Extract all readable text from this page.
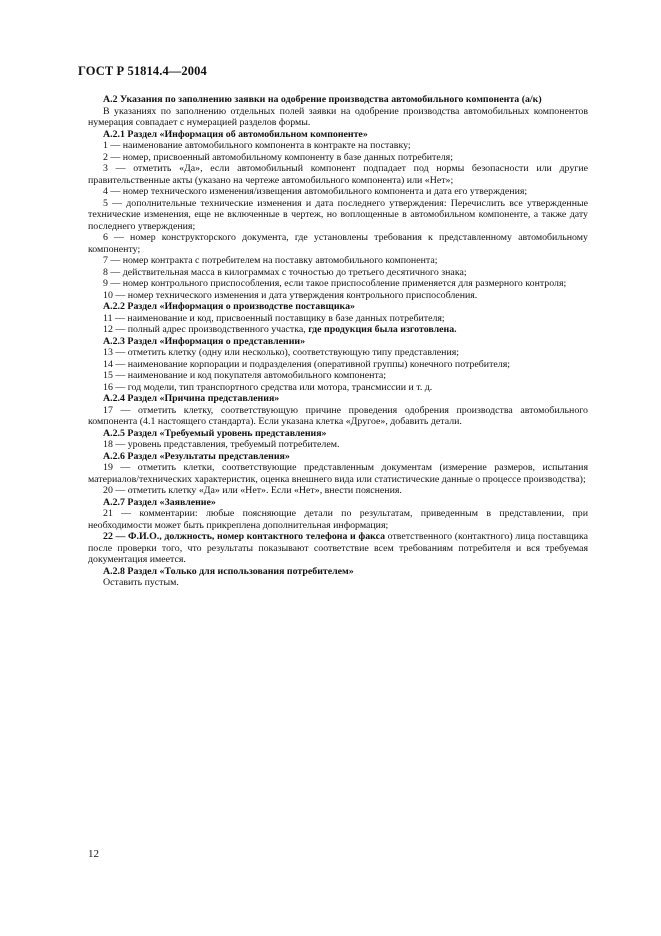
ГОСТ Р 51814.4—2004

А.2 Указания по заполнению заявки на одобрение производства автомобильного компонента (а/к)

В указаниях по заполнению отдельных полей заявки на одобрение производства автомобильных компонентов нумерация совпадает с нумерацией разделов формы.

А.2.1 Раздел «Информация об автомобильном компоненте»

1 — наименование автомобильного компонента в контракте на поставку;

2 — номер, присвоенный автомобильному компоненту в базе данных потребителя;

3 — отметить «Да», если автомобильный компонент подпадает под нормы безопасности или другие правительственные акты (указано на чертеже автомобильного компонента) или «Нет»;

4 — номер технического изменения/извещения автомобильного компонента и дата его утверждения;

5 — дополнительные технические изменения и дата последнего утверждения: Перечислить все утвержденные технические изменения, еще не включенные в чертеж, но воплощенные в автомобильном компоненте, а также дату последнего утверждения;

6 — номер конструкторского документа, где установлены требования к представленному автомобильному компоненту;

7 — номер контракта с потребителем на поставку автомобильного компонента;

8 — действительная масса в килограммах с точностью до третьего десятичного знака;

9 — номер контрольного приспособления, если такое приспособление применяется для размерного контроля;

10 — номер технического изменения и дата утверждения контрольного приспособления.

А.2.2 Раздел «Информация о производстве поставщика»

11 — наименование и код, присвоенный поставщику в базе данных потребителя;

12 — полный адрес производственного участка, где продукция была изготовлена.

А.2.3 Раздел «Информация о представлении»

13 — отметить клетку (одну или несколько), соответствующую типу представления;

14 — наименование корпорации и подразделения (оперативной группы) конечного потребителя;

15 — наименование и код покупателя автомобильного компонента;

16 — год модели, тип транспортного средства или мотора, трансмиссии и т. д.

А.2.4 Раздел «Причина представления»

17 — отметить клетку, соответствующую причине проведения одобрения производства автомобильного компонента (4.1 настоящего стандарта). Если указана клетка «Другое», добавить детали.

А.2.5 Раздел «Требуемый уровень представления»

18 — уровень представления, требуемый потребителем.

А.2.6 Раздел «Результаты представления»

19 — отметить клетки, соответствующие представленным документам (измерение размеров, испытания материалов/технических характеристик, оценка внешнего вида или статистические данные о процессе производства);

20 — отметить клетку «Да» или «Нет». Если «Нет», внести пояснения.

А.2.7 Раздел «Заявление»

21 — комментарии: любые поясняющие детали по результатам, приведенным в представлении, при необходимости может быть прикреплена дополнительная информация;

22 — Ф.И.О., должность, номер контактного телефона и факса ответственного (контактного) лица поставщика после проверки того, что результаты показывают соответствие всем требованиям потребителя и вся требуемая документация имеется.

А.2.8 Раздел «Только для использования потребителем»

Оставить пустым.

12
